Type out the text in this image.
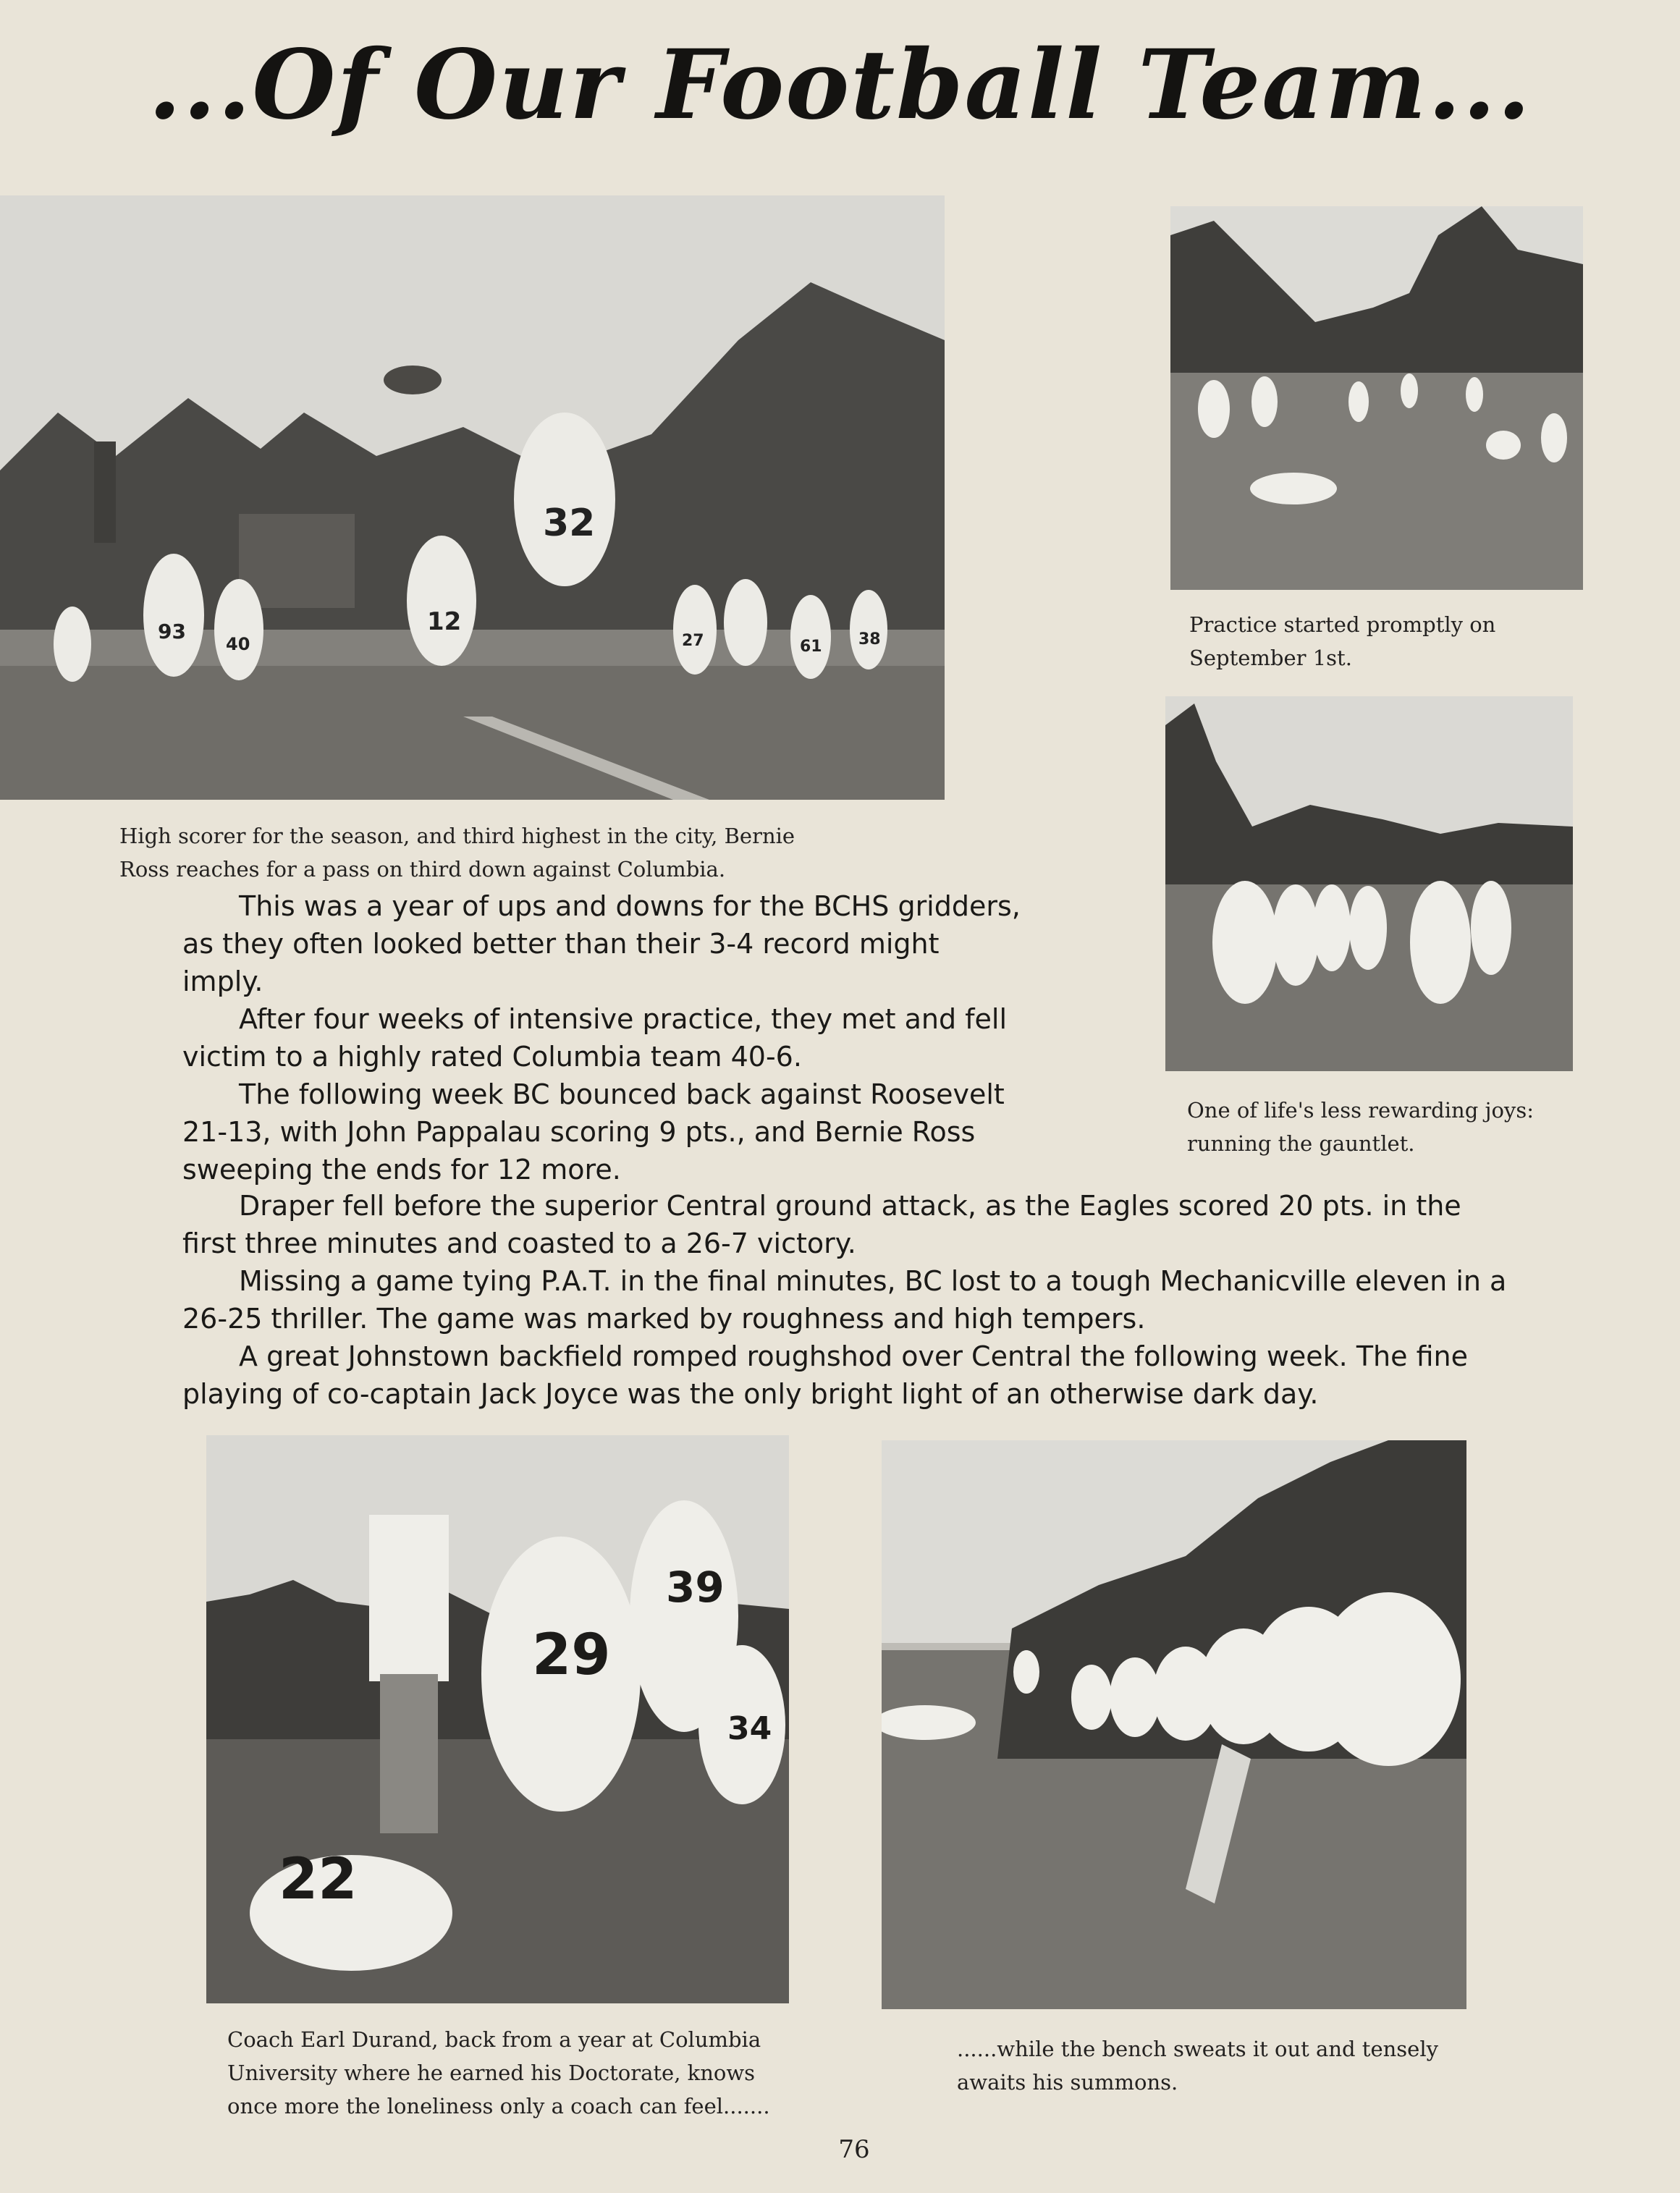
...Of Our Football Team...
32
12
93
40	27	61 38
High scorer for the season, and third highest in the city, Bernie Ross reaches for a pass on third down against Columbia.
Practice started promptly on September 1st.
One of life's less rewarding joys: running the gauntlet.

This was a year of ups and downs for the BCHS gridders, as they often looked better than their 3-4 record might imply.

After four weeks of intensive practice, they met and fell victim to a highly rated Columbia team 40-6.

The following week BC bounced back against Roosevelt 21-13, with John Pappalau scoring 9 pts., and Bernie Ross sweeping the ends for 12 more.

Draper fell before the superior Central ground attack, as the Eagles scored 20 pts. in the first three minutes and coasted to a 26-7 victory.

Missing a game tying P.A.T. in the final minutes, BC lost to a tough Mechanicville eleven in a 26-25 thriller. The game was marked by roughness and high tempers.

A great Johnstown backfield romped roughshod over Central the following week. The fine playing of co-captain Jack Joyce was the only bright light of an otherwise dark day.

39
29
22
34
Coach Earl Durand, back from a year at Columbia University where he earned his Doctorate, knows once more the loneliness only a coach can feel.......
......while the bench sweats it out and tensely awaits his summons.
76
